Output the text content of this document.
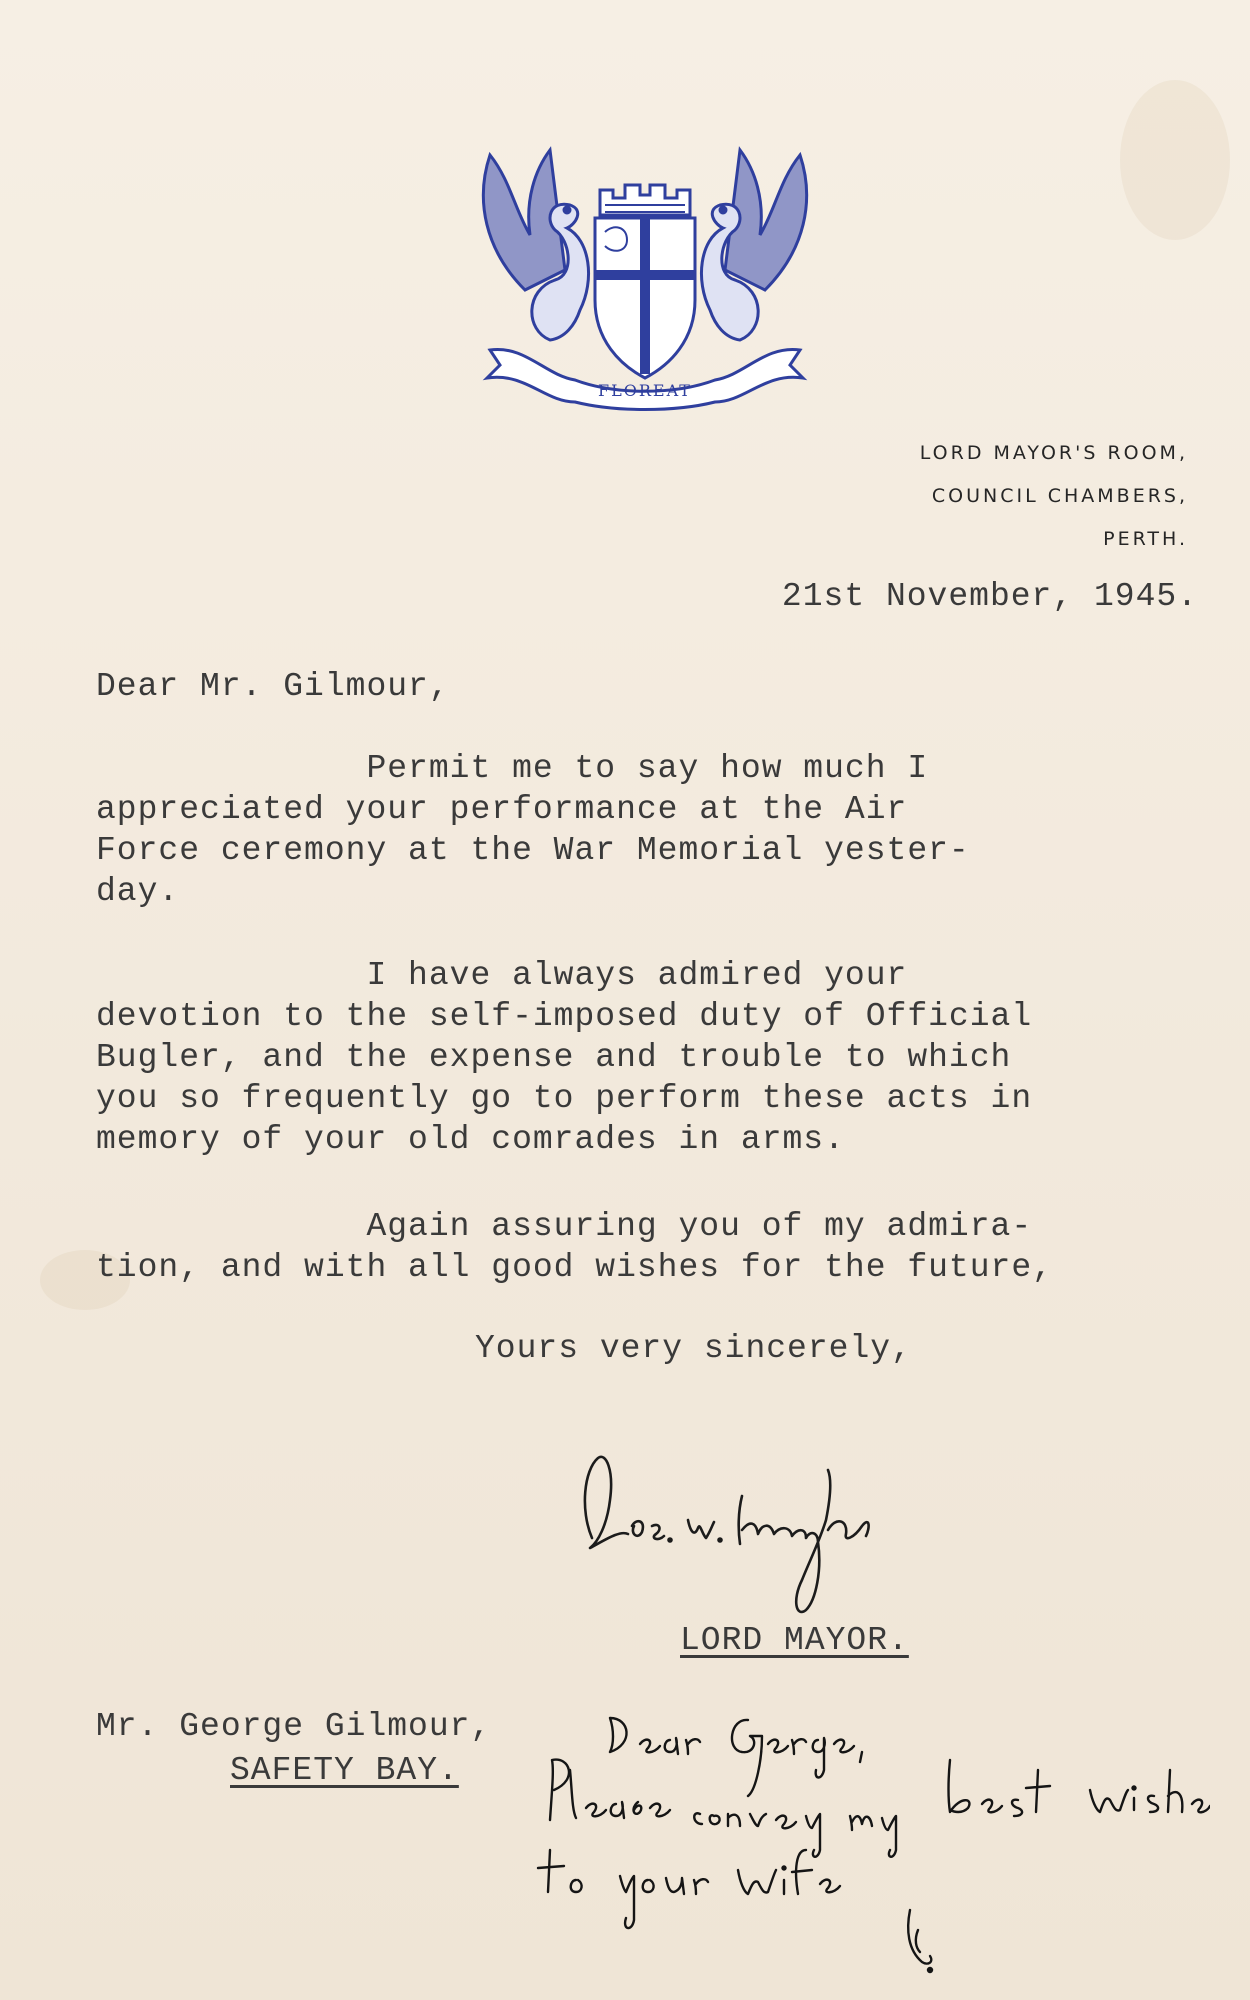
FLOREAT
LORD MAYOR'S ROOM,
COUNCIL CHAMBERS,
PERTH.
21st November, 1945.
Dear Mr. Gilmour,
Permit me to say how much I
appreciated your performance at the Air
Force ceremony at the War Memorial yester-
day.
I have always admired your
devotion to the self-imposed duty of Official
Bugler, and the expense and trouble to which
you so frequently go to perform these acts in
memory of your old comrades in arms.
Again assuring you of my admira-
tion, and with all good wishes for the future,
Yours very sincerely,
LORD MAYOR.
Mr. George Gilmour,
SAFETY BAY.
